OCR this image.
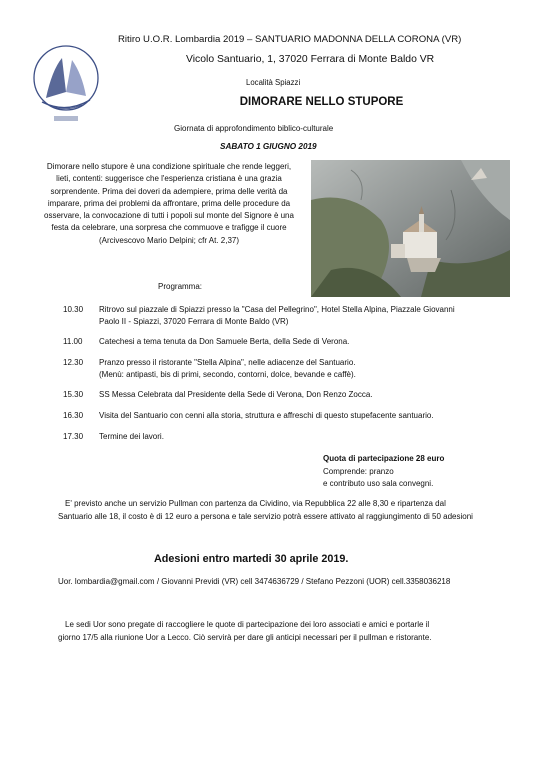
Ritiro U.O.R. Lombardia 2019 – SANTUARIO MADONNA DELLA CORONA (VR)
Vicolo Santuario, 1, 37020 Ferrara di Monte Baldo VR
Località Spiazzi
DIMORARE NELLO STUPORE
Giornata di approfondimento biblico-culturale
SABATO 1 GIUGNO 2019
Dimorare nello stupore è una condizione spirituale che rende leggeri,
lieti, contenti: suggerisce che l'esperienza cristiana è una grazia
sorprendente. Prima dei doveri da adempiere, prima delle verità da
imparare, prima dei problemi da affrontare, prima delle procedure da
osservare, la convocazione di tutti i popoli sul monte del Signore è una
festa da celebrare, una sorpresa che commuove e trafigge il cuore
(Arcivescovo Mario Delpini; cfr At. 2,37)
Programma:
10.30	Ritrovo sul piazzale di Spiazzi presso la "Casa del Pellegrino", Hotel Stella Alpina, Piazzale Giovanni
Paolo II - Spiazzi, 37020 Ferrara di Monte Baldo (VR)
11.00	Catechesi a tema tenuta da Don Samuele Berta, della Sede di Verona.
12.30	Pranzo presso il ristorante "Stella Alpina", nelle adiacenze del Santuario.
(Menù: antipasti, bis di primi, secondo, contorni, dolce, bevande e caffè).
15.30	SS Messa Celebrata dal Presidente della Sede di Verona, Don Renzo Zocca.
16.30	Visita del Santuario con cenni alla storia, struttura e affreschi di questo stupefacente santuario.
17.30	Termine dei lavori.
Quota di partecipazione 28 euro
Comprende: pranzo
e contributo uso sala convegni.
E' previsto anche un servizio Pullman con partenza da Cividino, via Repubblica 22 alle 8,30 e ripartenza dal
Santuario alle 18, il costo è di 12 euro a persona e tale servizio potrà essere attivato al raggiungimento di 50 adesioni
Adesioni entro martedi 30 aprile 2019.
Uor. lombardia@gmail.com / Giovanni Previdi (VR) cell 3474636729 / Stefano Pezzoni (UOR) cell.3358036218
Le sedi Uor sono pregate di raccogliere le quote di partecipazione dei loro associati e amici e portarle il
giorno 17/5 alla riunione Uor a Lecco. Ciò servirà per dare gli anticipi necessari per il pullman e ristorante.
